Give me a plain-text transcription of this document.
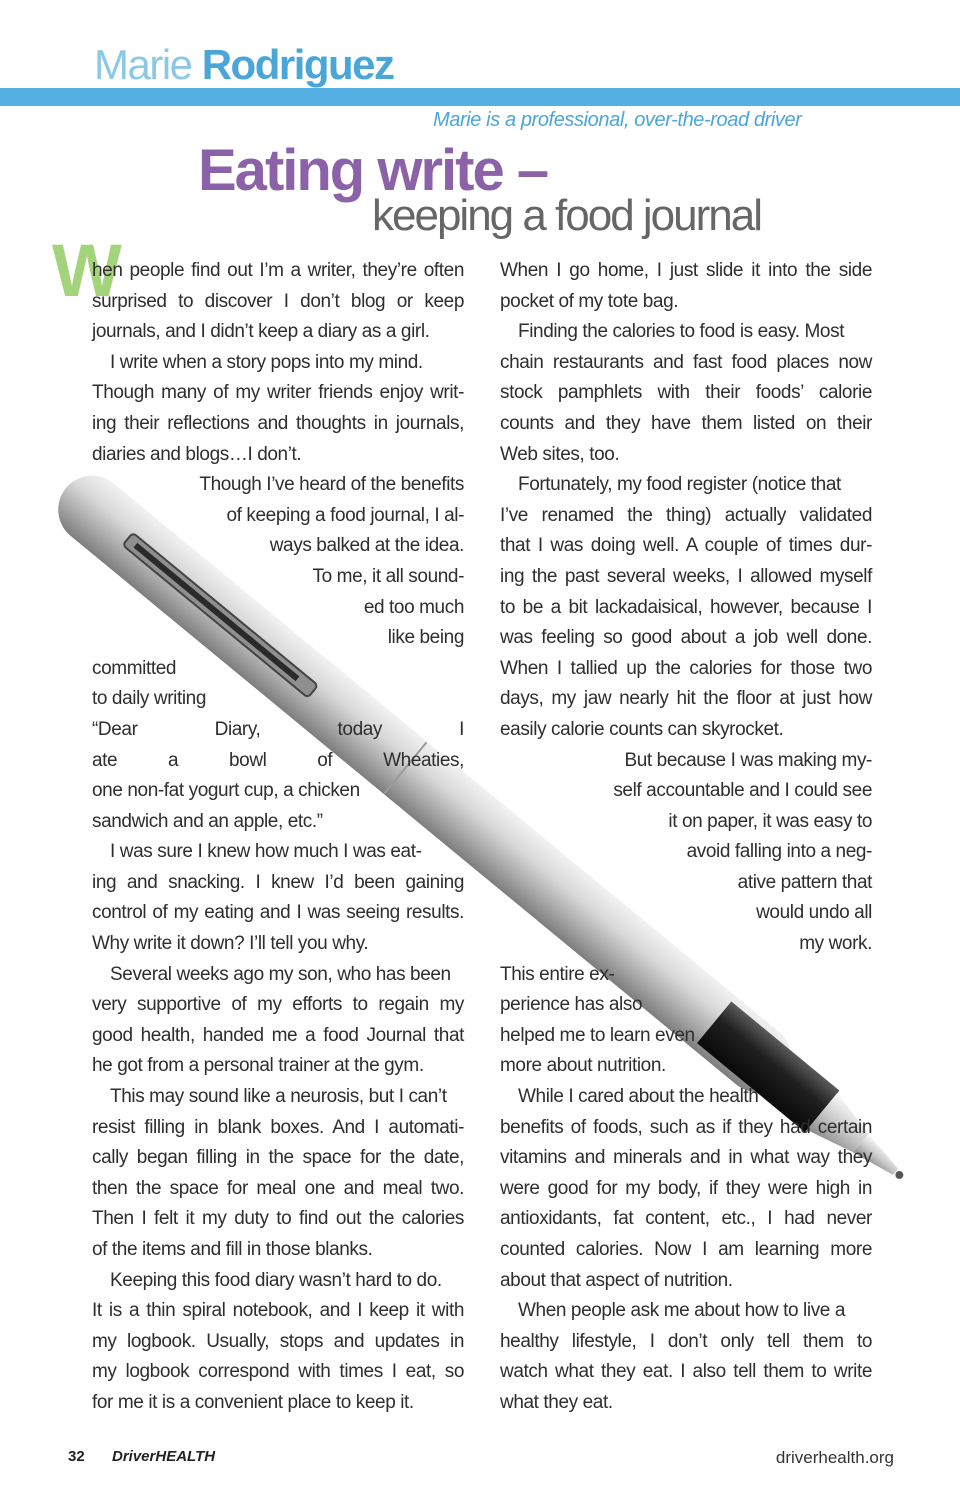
Marie Rodriguez
Marie is a professional, over-the-road driver
Eating write –
keeping a food journal
W
hen people find out I’m a writer, they’re often
surprised to discover I don’t blog or keep
journals, and I didn’t keep a diary as a girl.
I write when a story pops into my mind.
Though many of my writer friends enjoy writ-
ing their reflections and thoughts in journals,
diaries and blogs…I don’t.
Though I’ve heard of the benefits
of keeping a food journal, I al-
ways balked at the idea.
To me, it all sound-
ed too much
like being
committed
to daily writing
“Dear Diary, today I
ate a bowl of Wheaties,
one non-fat yogurt cup, a chicken
sandwich and an apple, etc.”
I was sure I knew how much I was eat-
ing and snacking. I knew I’d been gaining
control of my eating and I was seeing results.
Why write it down? I’ll tell you why.
Several weeks ago my son, who has been
very supportive of my efforts to regain my
good health, handed me a food Journal that
he got from a personal trainer at the gym.
This may sound like a neurosis, but I can’t
resist filling in blank boxes. And I automati-
cally began filling in the space for the date,
then the space for meal one and meal two.
Then I felt it my duty to find out the calories
of the items and fill in those blanks.
Keeping this food diary wasn’t hard to do.
It is a thin spiral notebook, and I keep it with
my logbook. Usually, stops and updates in
my logbook correspond with times I eat, so
for me it is a convenient place to keep it.
When I go home, I just slide it into the side
pocket of my tote bag.
Finding the calories to food is easy. Most
chain restaurants and fast food places now
stock pamphlets with their foods’ calorie
counts and they have them listed on their
Web sites, too.
Fortunately, my food register (notice that
I’ve renamed the thing) actually validated
that I was doing well. A couple of times dur-
ing the past several weeks, I allowed myself
to be a bit lackadaisical, however, because I
was feeling so good about a job well done.
When I tallied up the calories for those two
days, my jaw nearly hit the floor at just how
easily calorie counts can skyrocket.
But because I was making my-
self accountable and I could see
it on paper, it was easy to
avoid falling into a neg-
ative pattern that
would undo all
my work.
This entire ex-
perience has also
helped me to learn even
more about nutrition.
While I cared about the health
benefits of foods, such as if they had certain
vitamins and minerals and in what way they
were good for my body, if they were high in
antioxidants, fat content, etc., I had never
counted calories. Now I am learning more
about that aspect of nutrition.
When people ask me about how to live a
healthy lifestyle, I don’t only tell them to
watch what they eat. I also tell them to write
what they eat.
32 DriverHEALTH	driverhealth.org
